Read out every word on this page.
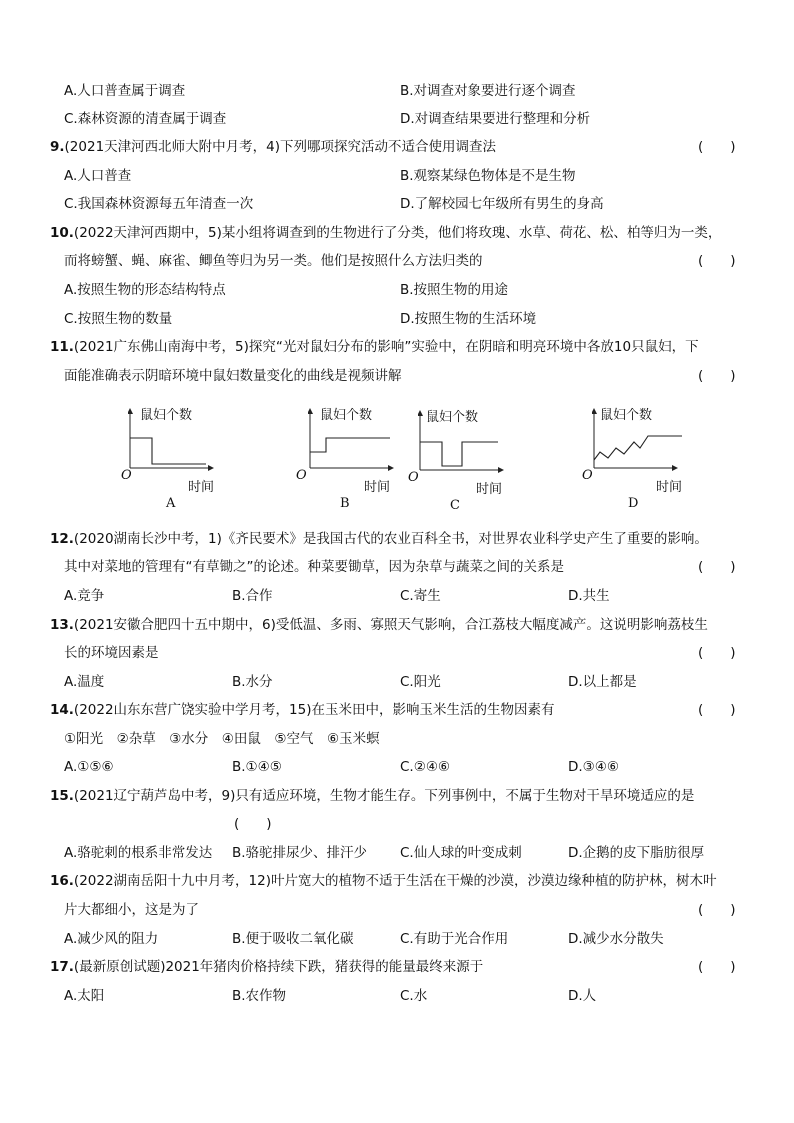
A.人口普查属于调查	B.对调查对象要进行逐个调查
C.森林资源的清查属于调查	D.对调查结果要进行整理和分析
9.(2021天津河西北师大附中月考，4)下列哪项探究活动不适合使用调查法	(　　)
A.人口普查	B.观察某绿色物体是不是生物
C.我国森林资源每五年清查一次	D.了解校园七年级所有男生的身高
10.(2022天津河西期中，5)某小组将调查到的生物进行了分类，他们将玫瑰、水草、荷花、松、柏等归为一类，
而将螃蟹、蝇、麻雀、鲫鱼等归为另一类。他们是按照什么方法归类的	(　　)
A.按照生物的形态结构特点	B.按照生物的用途
C.按照生物的数量	D.按照生物的生活环境
11.(2021广东佛山南海中考，5)探究“光对鼠妇分布的影响”实验中，在阴暗和明亮环境中各放10只鼠妇，下
面能准确表示阴暗环境中鼠妇数量变化的曲线是视频讲解	(　　)
鼠妇个数
时间
O
A
鼠妇个数
时间
O
B
鼠妇个数
时间
O
C
鼠妇个数
时间
O
D
12.(2020湖南长沙中考，1)《齐民要术》是我国古代的农业百科全书，对世界农业科学史产生了重要的影响。
其中对菜地的管理有“有草锄之”的论述。种菜要锄草，因为杂草与蔬菜之间的关系是	(　　)
A.竞争	B.合作	C.寄生	D.共生
13.(2021安徽合肥四十五中期中，6)受低温、多雨、寡照天气影响，合江荔枝大幅度减产。这说明影响荔枝生
长的环境因素是	(　　)
A.温度	B.水分	C.阳光	D.以上都是
14.(2022山东东营广饶实验中学月考，15)在玉米田中，影响玉米生活的生物因素有	(　　)
①阳光　②杂草　③水分　④田鼠　⑤空气　⑥玉米螟
A.①⑤⑥	B.①④⑤	C.②④⑥	D.③④⑥
15.(2021辽宁葫芦岛中考，9)只有适应环境，生物才能生存。下列事例中，不属于生物对干旱环境适应的是
(　　)
A.骆驼刺的根系非常发达 B.骆驼排尿少、排汗少 C.仙人球的叶变成刺	D.企鹅的皮下脂肪很厚
16.(2022湖南岳阳十九中月考，12)叶片宽大的植物不适于生活在干燥的沙漠，沙漠边缘种植的防护林，树木叶
片大都细小，这是为了	(　　)
A.减少风的阻力	B.便于吸收二氧化碳	C.有助于光合作用	D.减少水分散失
17.(最新原创试题)2021年猪肉价格持续下跌，猪获得的能量最终来源于	(　　)
A.太阳	B.农作物	C.水	D.人
